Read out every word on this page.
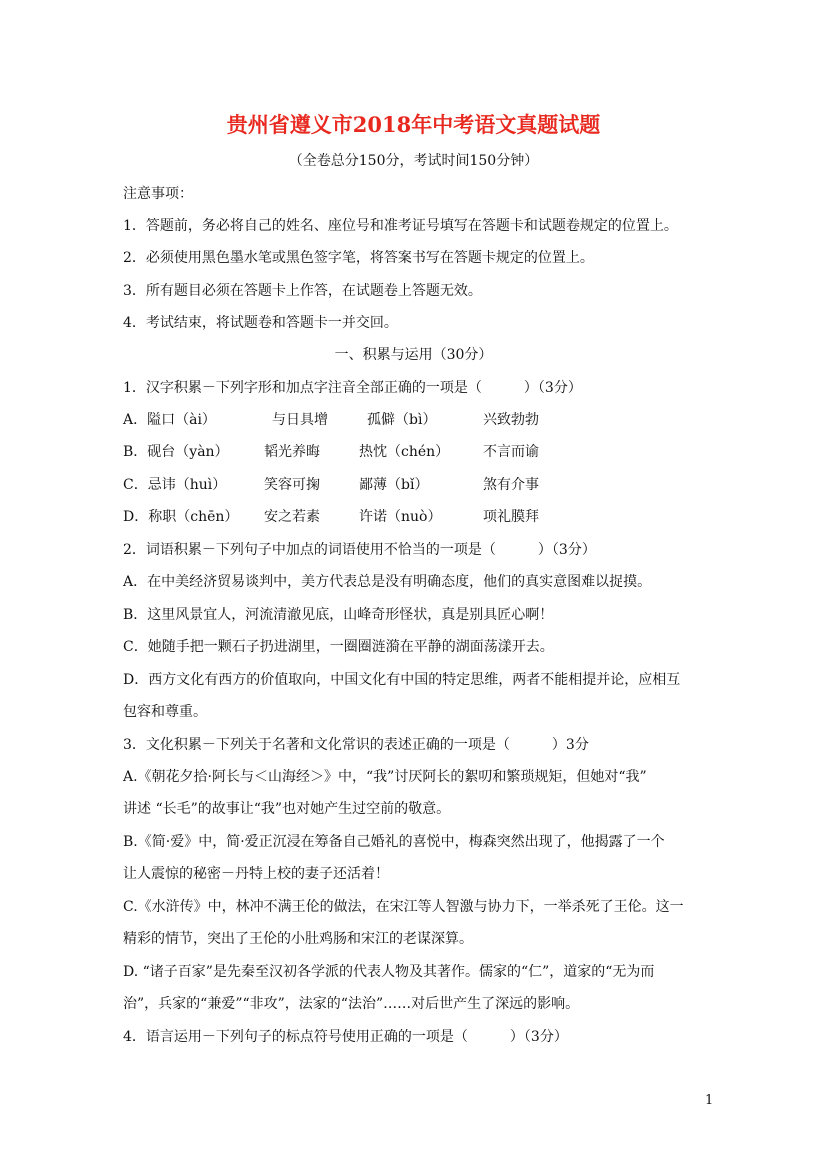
贵州省遵义市2018年中考语文真题试题
（全卷总分150分，考试时间150分钟）
注意事项：
1．答题前，务必将自己的姓名、座位号和准考证号填写在答题卡和试题卷规定的位置上。
2．必须使用黑色墨水笔或黑色签字笔，将答案书写在答题卡规定的位置上。
3．所有题目必须在答题卡上作答，在试题卷上答题无效。
4．考试结束，将试题卷和答题卡一并交回。
一、积累与运用（30分）
1．汉字积累－下列字形和加点字注音全部正确的一项是（　　　）（3分）
A．隘口（ài）	与日具增	孤僻（bì）	兴致勃勃
B．砚台（yàn）	韬光养晦	热忱（chén） 不言而谕
C．忌讳（huì）	笑容可掬	鄙薄（bǐ）	煞有介事
D．称职（chēn） 安之若素	许诺（nuò）	项礼膜拜
2．词语积累－下列句子中加点的词语使用不恰当的一项是（　　　）（3分）
A．在中美经济贸易谈判中，美方代表总是没有明确态度，他们的真实意图难以捉摸。
B．这里风景宜人，河流清澈见底，山峰奇形怪状，真是别具匠心啊！
C．她随手把一颗石子扔进湖里，一圈圈涟漪在平静的湖面荡漾开去。
D．西方文化有西方的价值取向，中国文化有中国的特定思维，两者不能相提并论，应相互
包容和尊重。
3．文化积累－下列关于名著和文化常识的表述正确的一项是（　　　）3分
A.《朝花夕拾·阿长与＜山海经＞》中，“我”讨厌阿长的絮叨和繁琐规矩，但她对“我”
讲述 “长毛”的故事让“我”也对她产生过空前的敬意。
B.《简·爱》中，简·爱正沉浸在筹备自己婚礼的喜悦中，梅森突然出现了，他揭露了一个
让人震惊的秘密－丹特上校的妻子还活着！
C.《水浒传》中，林冲不满王伦的做法，在宋江等人智激与协力下，一举杀死了王伦。这一
精彩的情节，突出了王伦的小肚鸡肠和宋江的老谋深算。
D. “诸子百家”是先秦至汉初各学派的代表人物及其著作。儒家的“仁”，道家的“无为而
治”，兵家的“兼爱”“非攻”，法家的“法治”……对后世产生了深远的影响。
4．语言运用－下列句子的标点符号使用正确的一项是（　　　）（3分）
1
